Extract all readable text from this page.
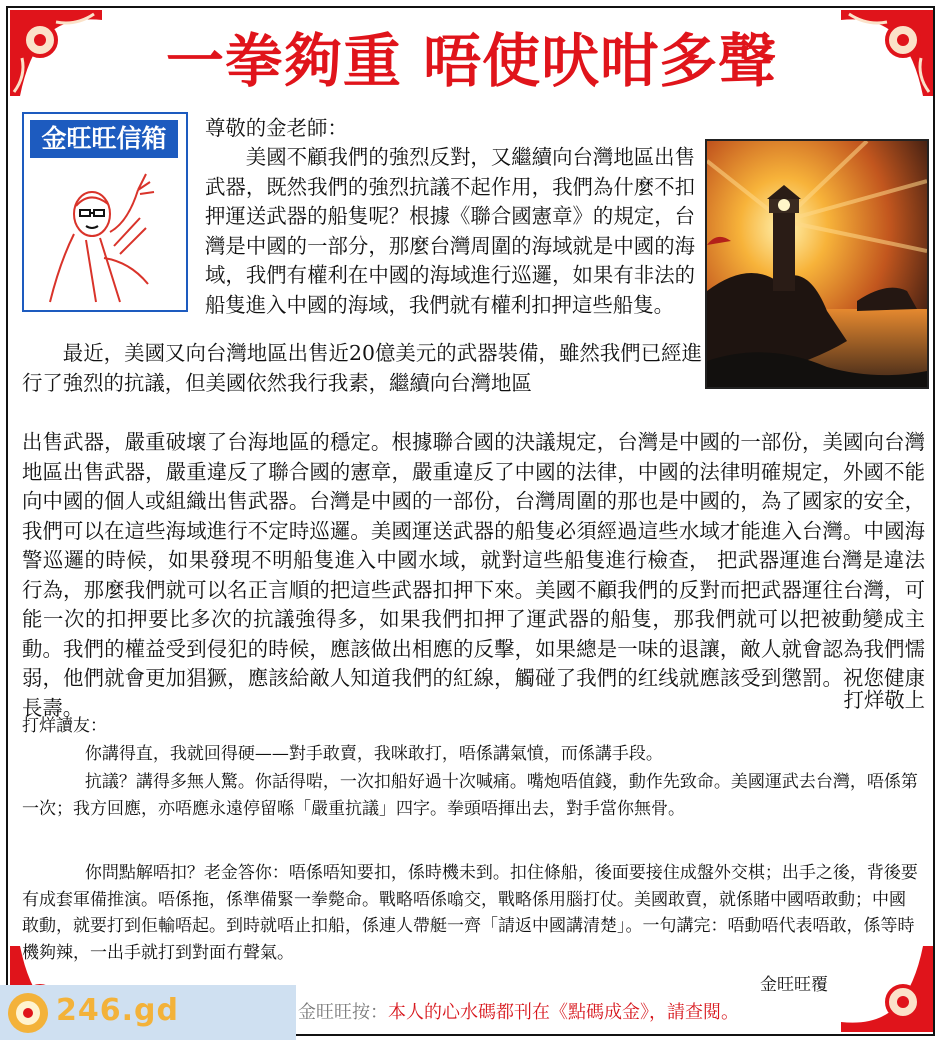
一拳夠重 唔使吠咁多聲
金旺旺信箱	尊敬的金老師：
美國不顧我們的強烈反對，又繼續向台灣地區出售武器，既然我們的強烈抗議不起作用，我們為什麼不扣押運送武器的船隻呢？根據《聯合國憲章》的規定，台灣是中國的一部分，那麼台灣周圍的海域就是中國的海域，我們有權利在中國的海域進行巡邏，如果有非法的船隻進入中國的海域，我們就有權利扣押這些船隻。
最近，美國又向台灣地區出售近20億美元的武器裝備，雖然我們已經進行了強烈的抗議，但美國依然我行我素，繼續向台灣地區
出售武器，嚴重破壞了台海地區的穩定。根據聯合國的決議規定，台灣是中國的一部份，美國向台灣地區出售武器，嚴重違反了聯合國的憲章，嚴重違反了中國的法律，中國的法律明確規定，外國不能向中國的個人或組織出售武器。台灣是中國的一部份，台灣周圍的那也是中國的，為了國家的安全，我們可以在這些海域進行不定時巡邏。美國運送武器的船隻必須經過這些水域才能進入台灣。中國海警巡邏的時候，如果發現不明船隻進入中國水域，就對這些船隻進行檢查， 把武器運進台灣是違法行為，那麼我們就可以名正言順的把這些武器扣押下來。美國不顧我們的反對而把武器運往台灣，可能一次的扣押要比多次的抗議強得多，如果我們扣押了運武器的船隻，那我們就可以把被動變成主動。我們的權益受到侵犯的時候，應該做出相應的反擊，如果總是一味的退讓，敵人就會認為我們懦弱，他們就會更加猖獗，應該給敵人知道我們的紅線，觸碰了我們的红线就應該受到懲罰。祝您健康長壽。	打烊敬上
打烊讀友：
你講得直，我就回得硬——對手敢賣，我咪敢打，唔係講氣憤，而係講手段。
抗議？講得多無人驚。你話得啱，一次扣船好過十次喊痛。嘴炮唔值錢，動作先致命。美國運武去台灣，唔係第一次；我方回應，亦唔應永遠停留喺「嚴重抗議」四字。拳頭唔揮出去，對手當你無骨。
你問點解唔扣？老金答你：唔係唔知要扣，係時機未到。扣住條船，後面要接住成盤外交棋；出手之後，背後要有成套軍備推演。唔係拖，係準備緊一拳斃命。戰略唔係噏交，戰略係用腦打仗。美國敢賣，就係賭中國唔敢動；中國敢動，就要打到佢輸唔起。到時就唔止扣船，係連人帶艇一齊「請返中國講清楚」。一句講完：唔動唔代表唔敢，係等時機夠辣，一出手就打到對面冇聲氣。
金旺旺覆
246.gd	金旺旺按：本人的心水碼都刊在《點碼成金》，請查閱。
